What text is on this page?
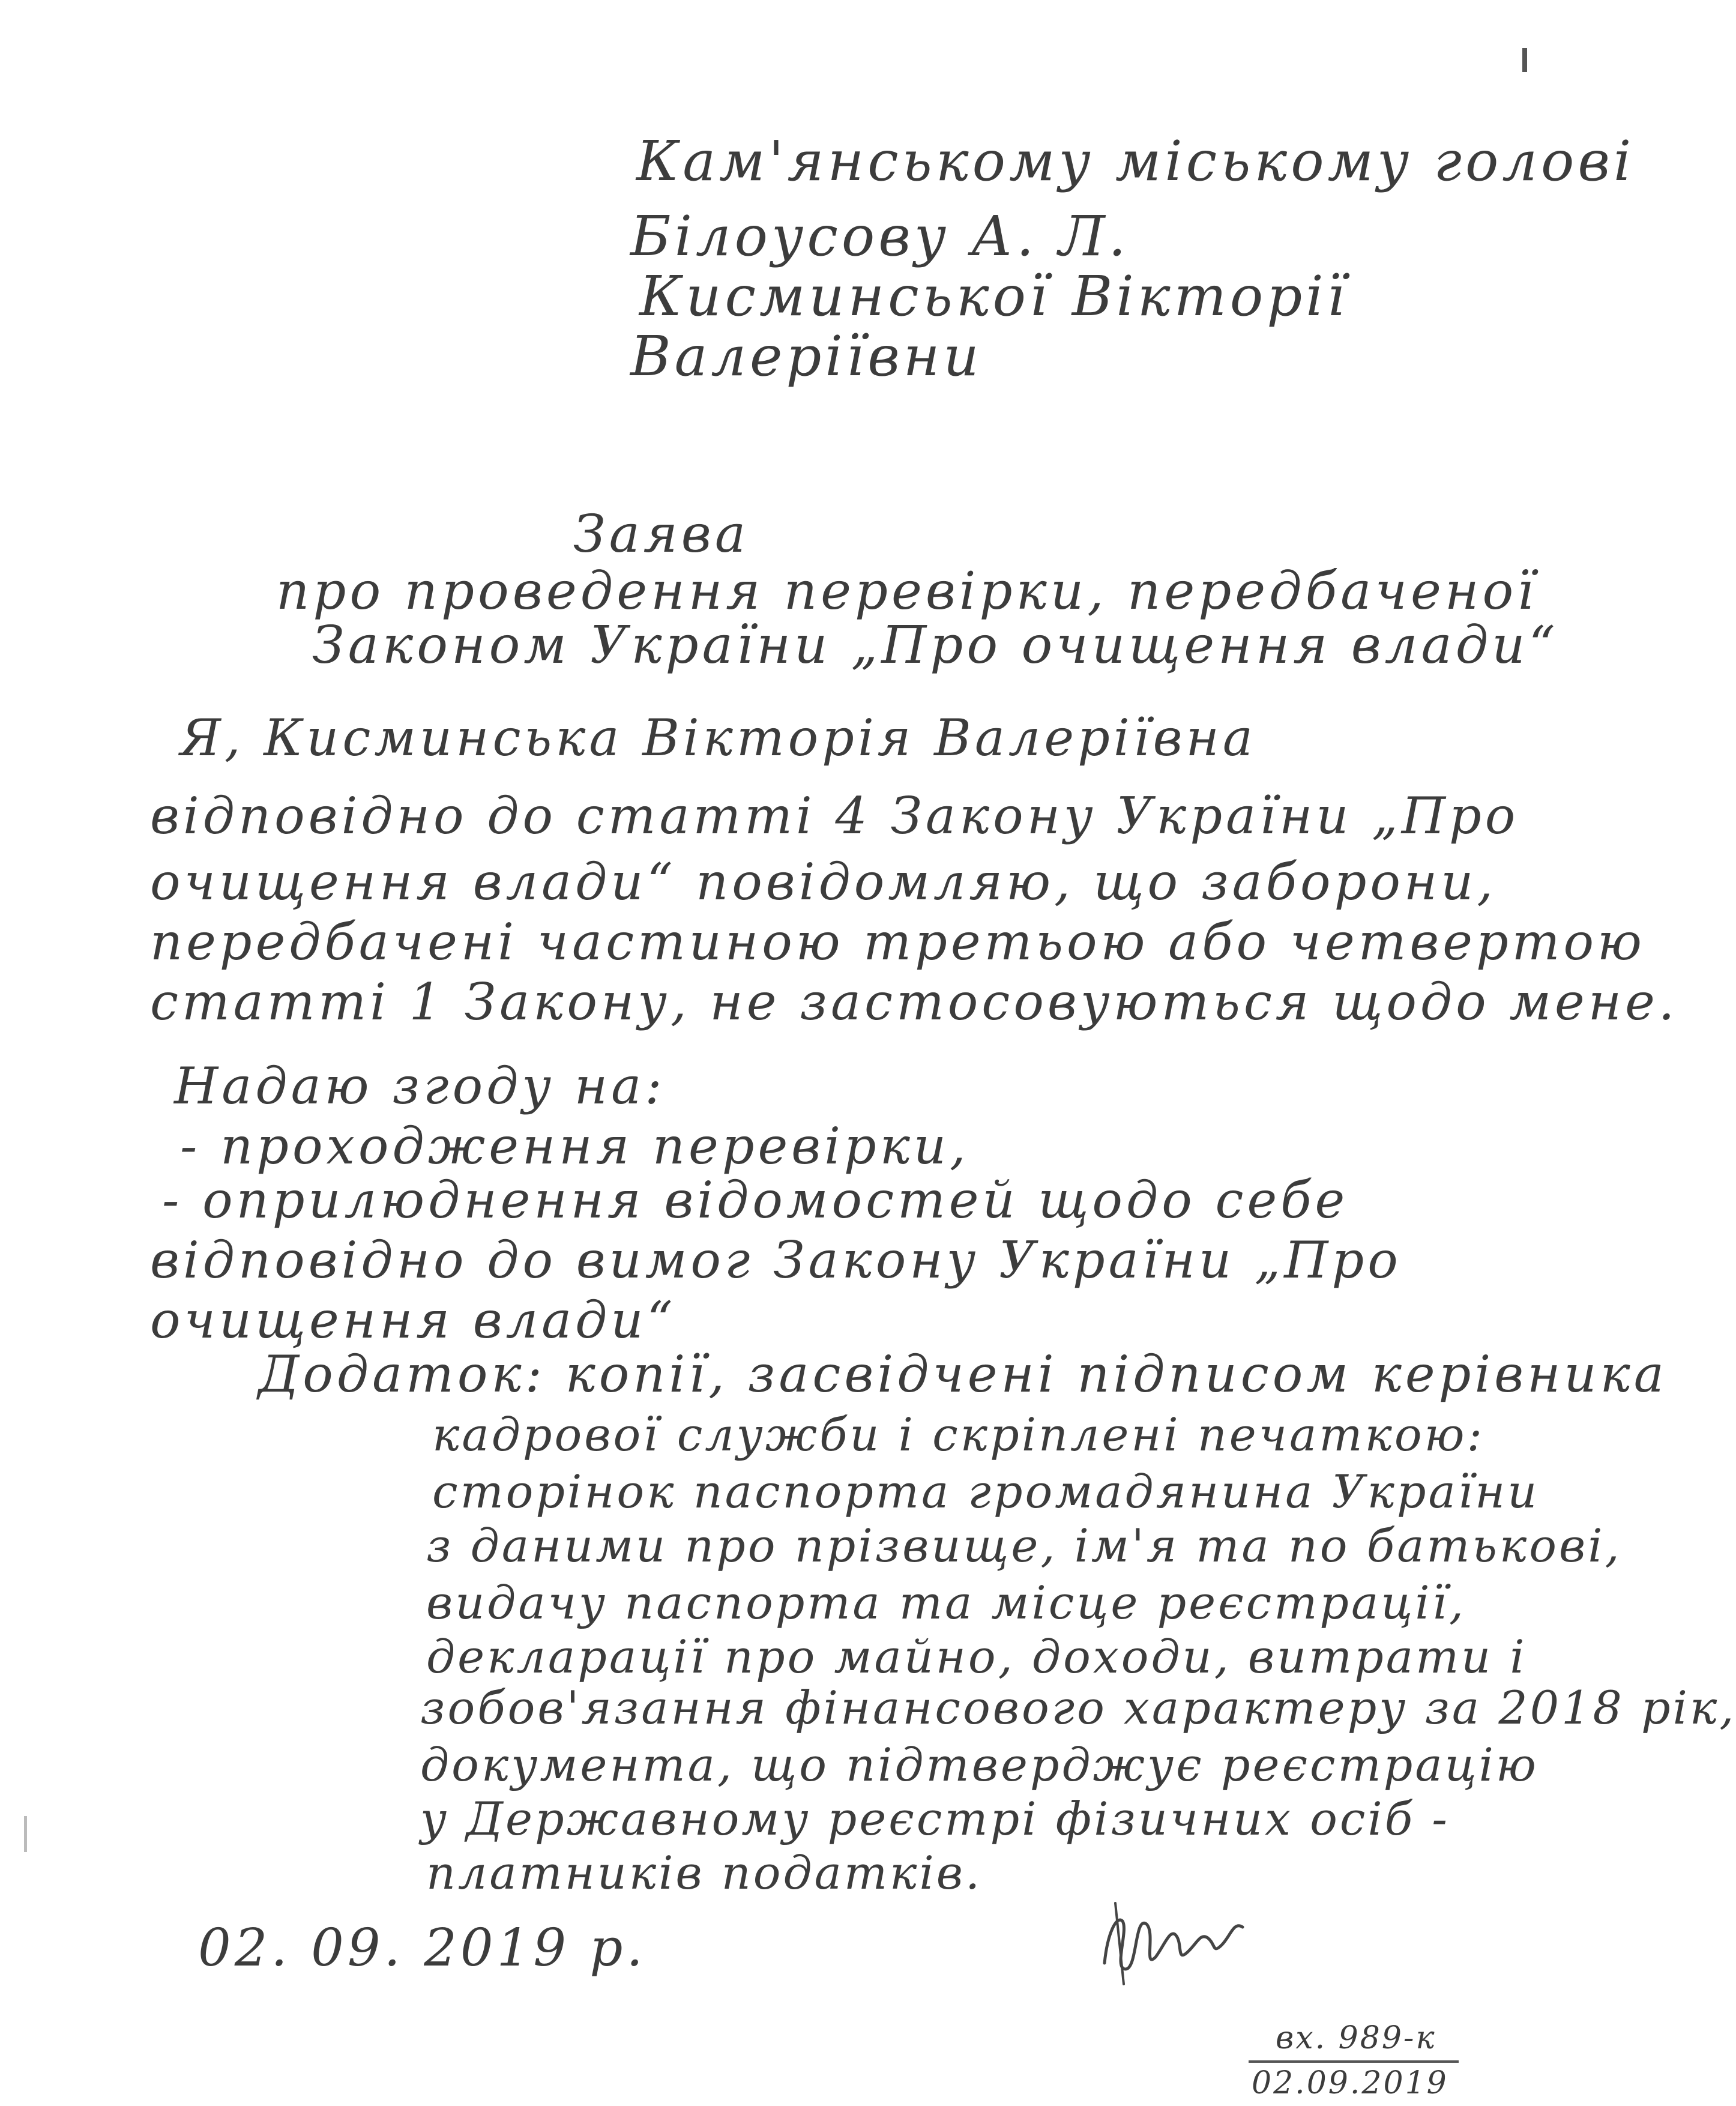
Кам'янському міському голові
Білоусову А. Л.
Кисминської Вікторії
Валеріївни
Заява
про проведення перевірки, передбаченої
Законом України „Про очищення влади“
Я, Кисминська Вікторія Валеріївна
відповідно до статті 4 Закону України „Про
очищення влади“ повідомляю, що заборони,
передбачені частиною третьою або четвертою
статті 1 Закону, не застосовуються щодо мене.
Надаю згоду на:
- проходження перевірки,
- оприлюднення відомостей щодо себе
відповідно до вимог Закону України „Про
очищення влади“
Додаток: копії, засвідчені підписом керівника
кадрової служби і скріплені печаткою:
сторінок паспорта громадянина України
з даними про прізвище, ім'я та по батькові,
видачу паспорта та місце реєстрації,
декларації про майно, доходи, витрати і
зобов'язання фінансового характеру за 2018 рік,
документа, що підтверджує реєстрацію
у Державному реєстрі фізичних осіб -
платників податків.
02. 09. 2019 р.
вх. 989-к
02.09.2019
